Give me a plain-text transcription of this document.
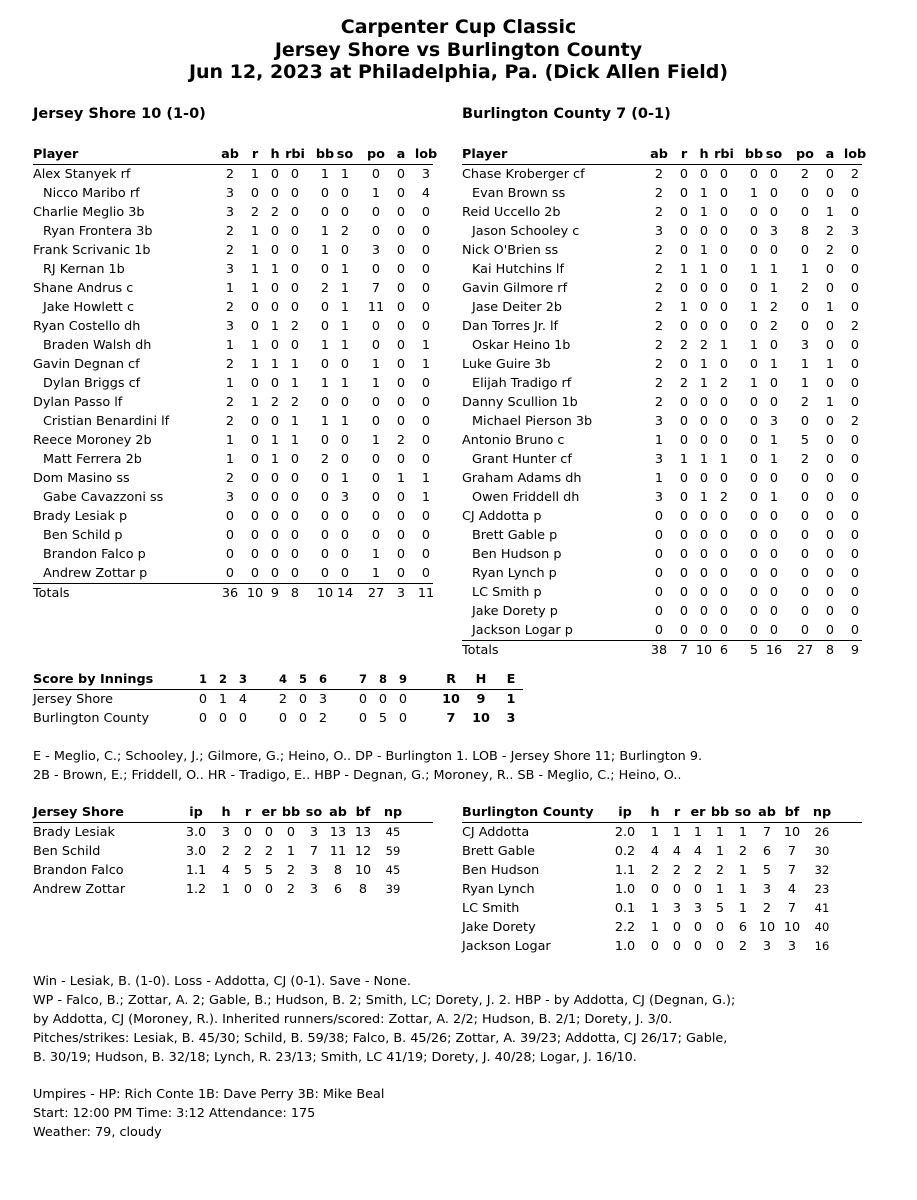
Carpenter Cup Classic
Jersey Shore vs Burlington County
Jun 12, 2023 at Philadelphia, Pa. (Dick Allen Field)
Jersey Shore 10 (1-0)	Burlington County 7 (0-1)
Player	ab	r h rbi bb so	po a lob
Alex Stanyek rf	2	1 0 0	1 1	0	0	3
Nicco Maribo rf	3	0 0 0	0 0	1	0	4
Charlie Meglio 3b	3	2 2 0	0 0	0	0	0
Ryan Frontera 3b	2	1 0 0	1 2	0	0	0
Frank Scrivanic 1b	2	1 0 0	1 0	3	0	0
RJ Kernan 1b	3	1 1 0	0 1	0	0	0
Shane Andrus c	1	1 0 0	2 1	7	0	0
Jake Howlett c	2	0 0 0	0 1	11 0	0
Ryan Costello dh	3	0 1 2	0 1	0	0	0
Braden Walsh dh	1	1 0 0	1 1	0	0	1
Gavin Degnan cf	2	1 1 1	0 0	1	0	1
Dylan Briggs cf	1	0 0 1	1 1	1	0	0
Dylan Passo lf	2	1 2 2	0 0	0	0	0
Cristian Benardini lf	2	0 0 1	1 1	0	0	0
Reece Moroney 2b	1	0 1 1	0 0	1	2	0
Matt Ferrera 2b	1	0 1 0	2 0	0	0	0
Dom Masino ss	2	0 0 0	0 1	0	1	1
Gabe Cavazzoni ss	3	0 0 0	0 3	0	0	1
Brady Lesiak p	0	0 0 0	0 0	0	0	0
Ben Schild p	0	0 0 0	0 0	0	0	0
Brandon Falco p	0	0 0 0	0 0	1	0	0
Andrew Zottar p	0	0 0 0	0 0	1	0	0
Totals	36 10 9 8	10 14	27 3 11
Player	ab	r h rbi bb so	po a lob
Chase Kroberger cf	2	0 0 0	0 0	2	0	2
Evan Brown ss	2	0 1 0	1 0	0	0	0
Reid Uccello 2b	2	0 1 0	0 0	0	1	0
Jason Schooley c	3	0 0 0	0 3	8	2	3
Nick O'Brien ss	2	0 1 0	0 0	0	2	0
Kai Hutchins lf	2	1 1 0	1 1	1	0	0
Gavin Gilmore rf	2	0 0 0	0 1	2	0	0
Jase Deiter 2b	2	1 0 0	1 2	0	1	0
Dan Torres Jr. lf	2	0 0 0	0 2	0	0	2
Oskar Heino 1b	2	2 2 1	1 0	3	0	0
Luke Guire 3b	2	0 1 0	0 1	1	1	0
Elijah Tradigo rf	2	2 1 2	1 0	1	0	0
Danny Scullion 1b	2	0 0 0	0 0	2	1	0
Michael Pierson 3b	3	0 0 0	0 3	0	0	2
Antonio Bruno c	1	0 0 0	0 1	5	0	0
Grant Hunter cf	3	1 1 1	0 1	2	0	0
Graham Adams dh	1	0 0 0	0 0	0	0	0
Owen Friddell dh	3	0 1 2	0 1	0	0	0
CJ Addotta p	0	0 0 0	0 0	0	0	0
Brett Gable p	0	0 0 0	0 0	0	0	0
Ben Hudson p	0	0 0 0	0 0	0	0	0
Ryan Lynch p	0	0 0 0	0 0	0	0	0
LC Smith p	0	0 0 0	0 0	0	0	0
Jake Dorety p	0	0 0 0	0 0	0	0	0
Jackson Logar p	0	0 0 0	0 0	0	0	0
Totals	38 7 10 6	5 16	27 8	9
Score by Innings	1	2	3	4	5	6	7	8	9	R	H	E
Jersey Shore	0 1 4	2 0 3	0 0 0	10	9	1
Burlington County	0 0 0	0 0 2	0 5 0	7	10	3
E - Meglio, C.; Schooley, J.; Gilmore, G.; Heino, O.. DP - Burlington 1. LOB - Jersey Shore 11; Burlington 9.
2B - Brown, E.; Friddell, O.. HR - Tradigo, E.. HBP - Degnan, G.; Moroney, R.. SB - Meglio, C.; Heino, O..
Jersey Shore	ip	h	r er bb so ab bf	np
Brady Lesiak	3.0	3	0	0	0	3 13 13	45
Ben Schild	3.0	2	2	2	1	7 11 12	59
Brandon Falco	1.1	4	5	5	2	3	8 10	45
Andrew Zottar	1.2	1	0	0	2	3	6	8	39
Burlington County	ip	h	r er bb so ab bf	np
CJ Addotta	2.0	1	1	1	1	1	7 10	26
Brett Gable	0.2	4	4	4	1	2	6	7	30
Ben Hudson	1.1	2	2	2	2	1	5	7	32
Ryan Lynch	1.0	0	0	0	1	1	3	4	23
LC Smith	0.1	1	3	3	5	1	2	7	41
Jake Dorety	2.2	1	0	0	0	6 10 10	40
Jackson Logar	1.0	0	0	0	0	2	3	3	16
Win - Lesiak, B. (1-0). Loss - Addotta, CJ (0-1). Save - None.
WP - Falco, B.; Zottar, A. 2; Gable, B.; Hudson, B. 2; Smith, LC; Dorety, J. 2. HBP - by Addotta, CJ (Degnan, G.);
by Addotta, CJ (Moroney, R.). Inherited runners/scored: Zottar, A. 2/2; Hudson, B. 2/1; Dorety, J. 3/0.
Pitches/strikes: Lesiak, B. 45/30; Schild, B. 59/38; Falco, B. 45/26; Zottar, A. 39/23; Addotta, CJ 26/17; Gable,
B. 30/19; Hudson, B. 32/18; Lynch, R. 23/13; Smith, LC 41/19; Dorety, J. 40/28; Logar, J. 16/10.
Umpires - HP: Rich Conte 1B: Dave Perry 3B: Mike Beal
Start: 12:00 PM Time: 3:12 Attendance: 175
Weather: 79, cloudy
